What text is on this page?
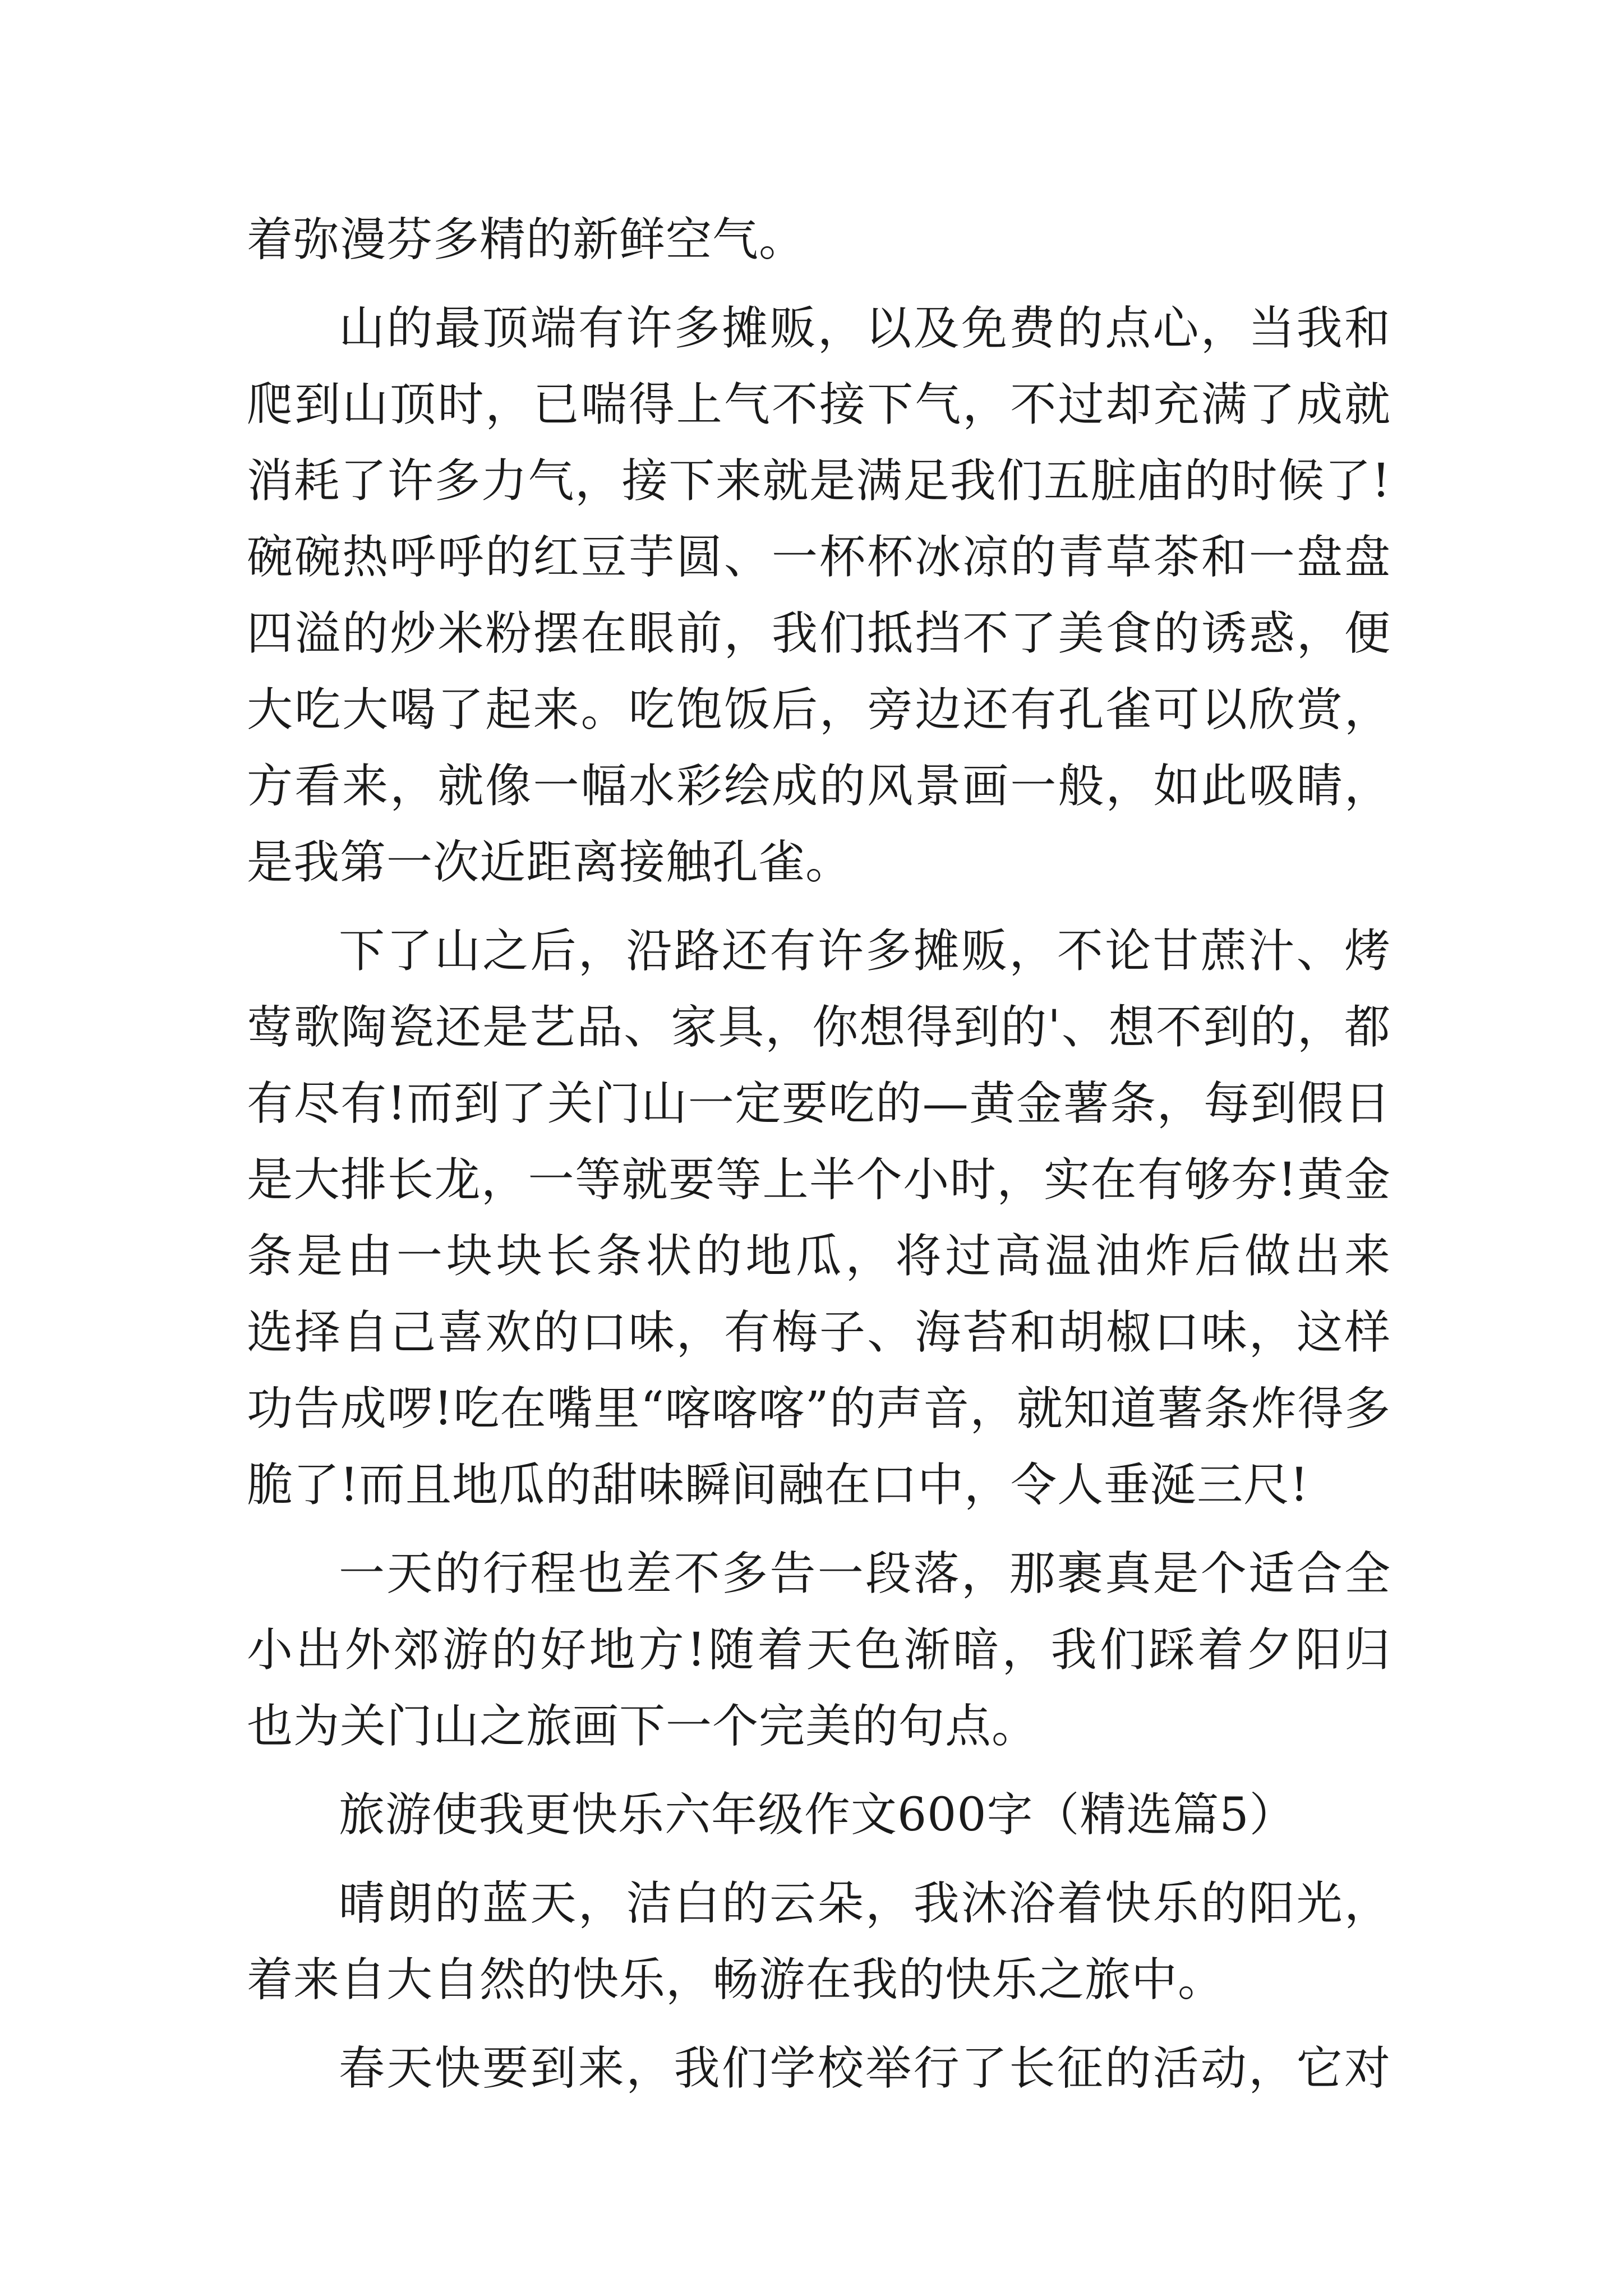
着弥漫芬多精的新鲜空气。
山的最顶端有许多摊贩，以及免费的点心，当我和
爬到山顶时，已喘得上气不接下气，不过却充满了成就
消耗了许多力气，接下来就是满足我们五脏庙的时候了!
碗碗热呼呼的红豆芋圆、一杯杯冰凉的青草茶和一盘盘
四溢的炒米粉摆在眼前，我们抵挡不了美食的诱惑，便
大吃大喝了起来。吃饱饭后，旁边还有孔雀可以欣赏，
方看来，就像一幅水彩绘成的风景画一般，如此吸睛，
是我第一次近距离接触孔雀。
下了山之后，沿路还有许多摊贩，不论甘蔗汁、烤
莺歌陶瓷还是艺品、家具，你想得到的'、想不到的，都
有尽有!而到了关门山一定要吃的—黄金薯条，每到假日
是大排长龙，一等就要等上半个小时，实在有够夯!黄金
条是由一块块长条状的地瓜，将过高温油炸后做出来
选择自己喜欢的口味，有梅子、海苔和胡椒口味，这样
功告成啰!吃在嘴里“喀喀喀”的声音，就知道薯条炸得多
脆了!而且地瓜的甜味瞬间融在口中，令人垂涎三尺!
一天的行程也差不多告一段落，那裹真是个适合全
小出外郊游的好地方!随着天色渐暗，我们踩着夕阳归
也为关门山之旅画下一个完美的句点。
旅游使我更快乐六年级作文600字（精选篇5）
晴朗的蓝天，洁白的云朵，我沐浴着快乐的阳光，
着来自大自然的快乐，畅游在我的快乐之旅中。
春天快要到来，我们学校举行了长征的活动，它对
